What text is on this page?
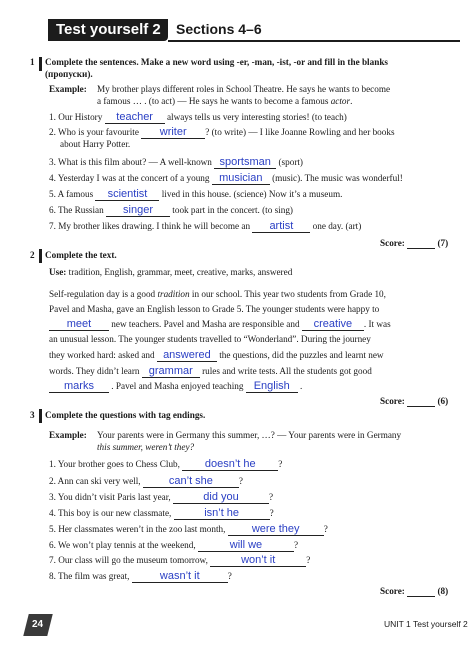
Test yourself 2 Sections 4–6
1 Complete the sentences. Make a new word using -er, -man, -ist, -or and fill in the blanks
(пропуски).
Example: My brother plays different roles in School Theatre. He says he wants to become
a famous … . (to act) — He says he wants to become a famous actor.
1. Our History teacher always tells us very interesting stories! (to teach)
2. Who is your favourite writer ? (to write) — I like Joanne Rowling and her books
about Harry Potter.
3. What is this film about? — A well-known sportsman (sport)
4. Yesterday I was at the concert of a young musician (music). The music was wonderful!
5. A famous scientist lived in this house. (science) Now it’s a museum.
6. The Russian singer took part in the concert. (to sing)
7. My brother likes drawing. I think he will become an artist one day. (art)
Score:	(7)
2 Complete the text.
Use: tradition, English, grammar, meet, creative, marks, answered
Self-regulation day is a good tradition in our school. This year two students from Grade 10,
Pavel and Masha, gave an English lesson to Grade 5. The younger students were happy to
meet new teachers. Pavel and Masha are responsible and creative . It was
an unusual lesson. The younger students travelled to “Wonderland”. During the journey
they worked hard: asked and answered the questions, did the puzzles and learnt new
words. They didn’t learn grammar rules and write tests. All the students got good
marks . Pavel and Masha enjoyed teaching English .
Score:	(6)
3 Complete the questions with tag endings.
Example: Your parents were in Germany this summer, …? — Your parents were in Germany
this summer, weren’t they?
1. Your brother goes to Chess Club, doesn’t he ?
2. Ann can ski very well,	can’t she	?
3. You didn’t visit Paris last year,	did you	?
4. This boy is our new classmate,	isn’t he	?
5. Her classmates weren’t in the zoo last month, were they	?
6. We won’t play tennis at the weekend,	will we	?
7. Our class will go the museum tomorrow,	won’t it	?
8. The film was great,	wasn’t it	?
Score:	(8)
24	UNIT 1 Test yourself 2
